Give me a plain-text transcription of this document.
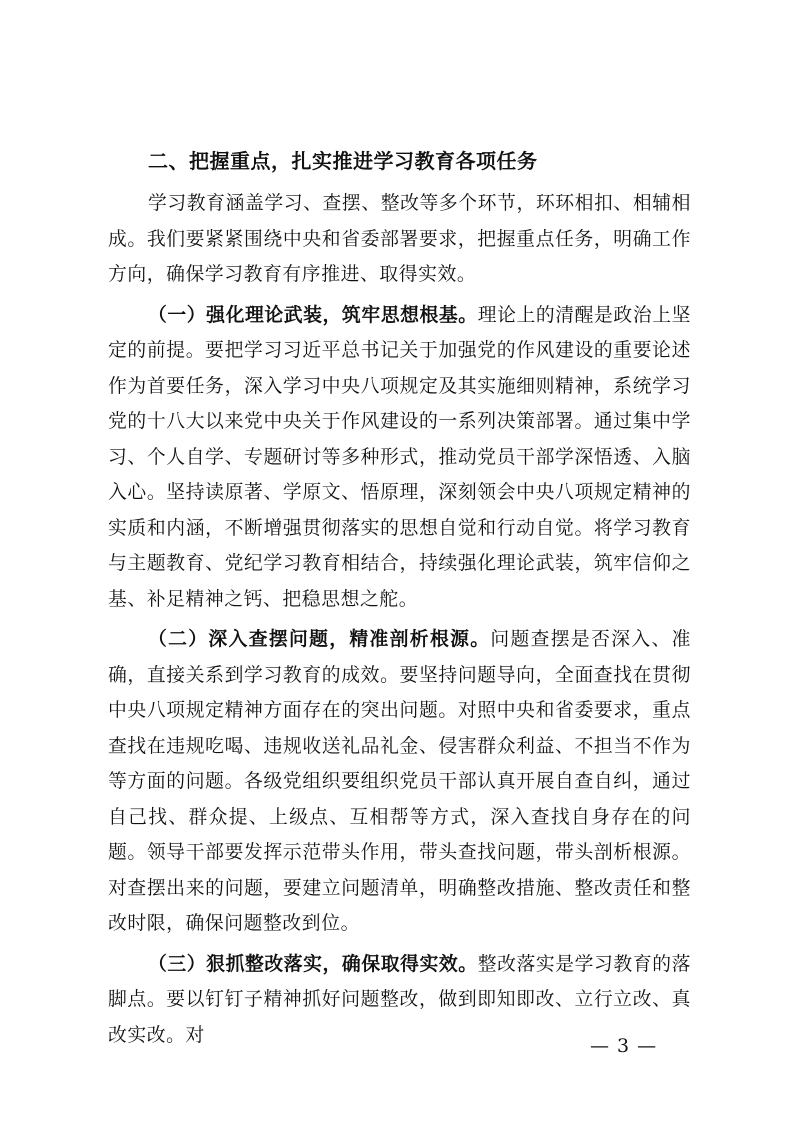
二、把握重点，扎实推进学习教育各项任务

学习教育涵盖学习、查摆、整改等多个环节，环环相扣、相辅相成。我们要紧紧围绕中央和省委部署要求，把握重点任务，明确工作方向，确保学习教育有序推进、取得实效。

（一）强化理论武装，筑牢思想根基。理论上的清醒是政治上坚定的前提。要把学习习近平总书记关于加强党的作风建设的重要论述作为首要任务，深入学习中央八项规定及其实施细则精神，系统学习党的十八大以来党中央关于作风建设的一系列决策部署。通过集中学习、个人自学、专题研讨等多种形式，推动党员干部学深悟透、入脑入心。坚持读原著、学原文、悟原理，深刻领会中央八项规定精神的实质和内涵，不断增强贯彻落实的思想自觉和行动自觉。将学习教育与主题教育、党纪学习教育相结合，持续强化理论武装，筑牢信仰之基、补足精神之钙、把稳思想之舵。

（二）深入查摆问题，精准剖析根源。问题查摆是否深入、准确，直接关系到学习教育的成效。要坚持问题导向，全面查找在贯彻中央八项规定精神方面存在的突出问题。对照中央和省委要求，重点查找在违规吃喝、违规收送礼品礼金、侵害群众利益、不担当不作为等方面的问题。各级党组织要组织党员干部认真开展自查自纠，通过自己找、群众提、上级点、互相帮等方式，深入查找自身存在的问题。领导干部要发挥示范带头作用，带头查找问题，带头剖析根源。对查摆出来的问题，要建立问题清单，明确整改措施、整改责任和整改时限，确保问题整改到位。

（三）狠抓整改落实，确保取得实效。整改落实是学习教育的落脚点。要以钉钉子精神抓好问题整改，做到即知即改、立行立改、真改实改。对	— 3 —
